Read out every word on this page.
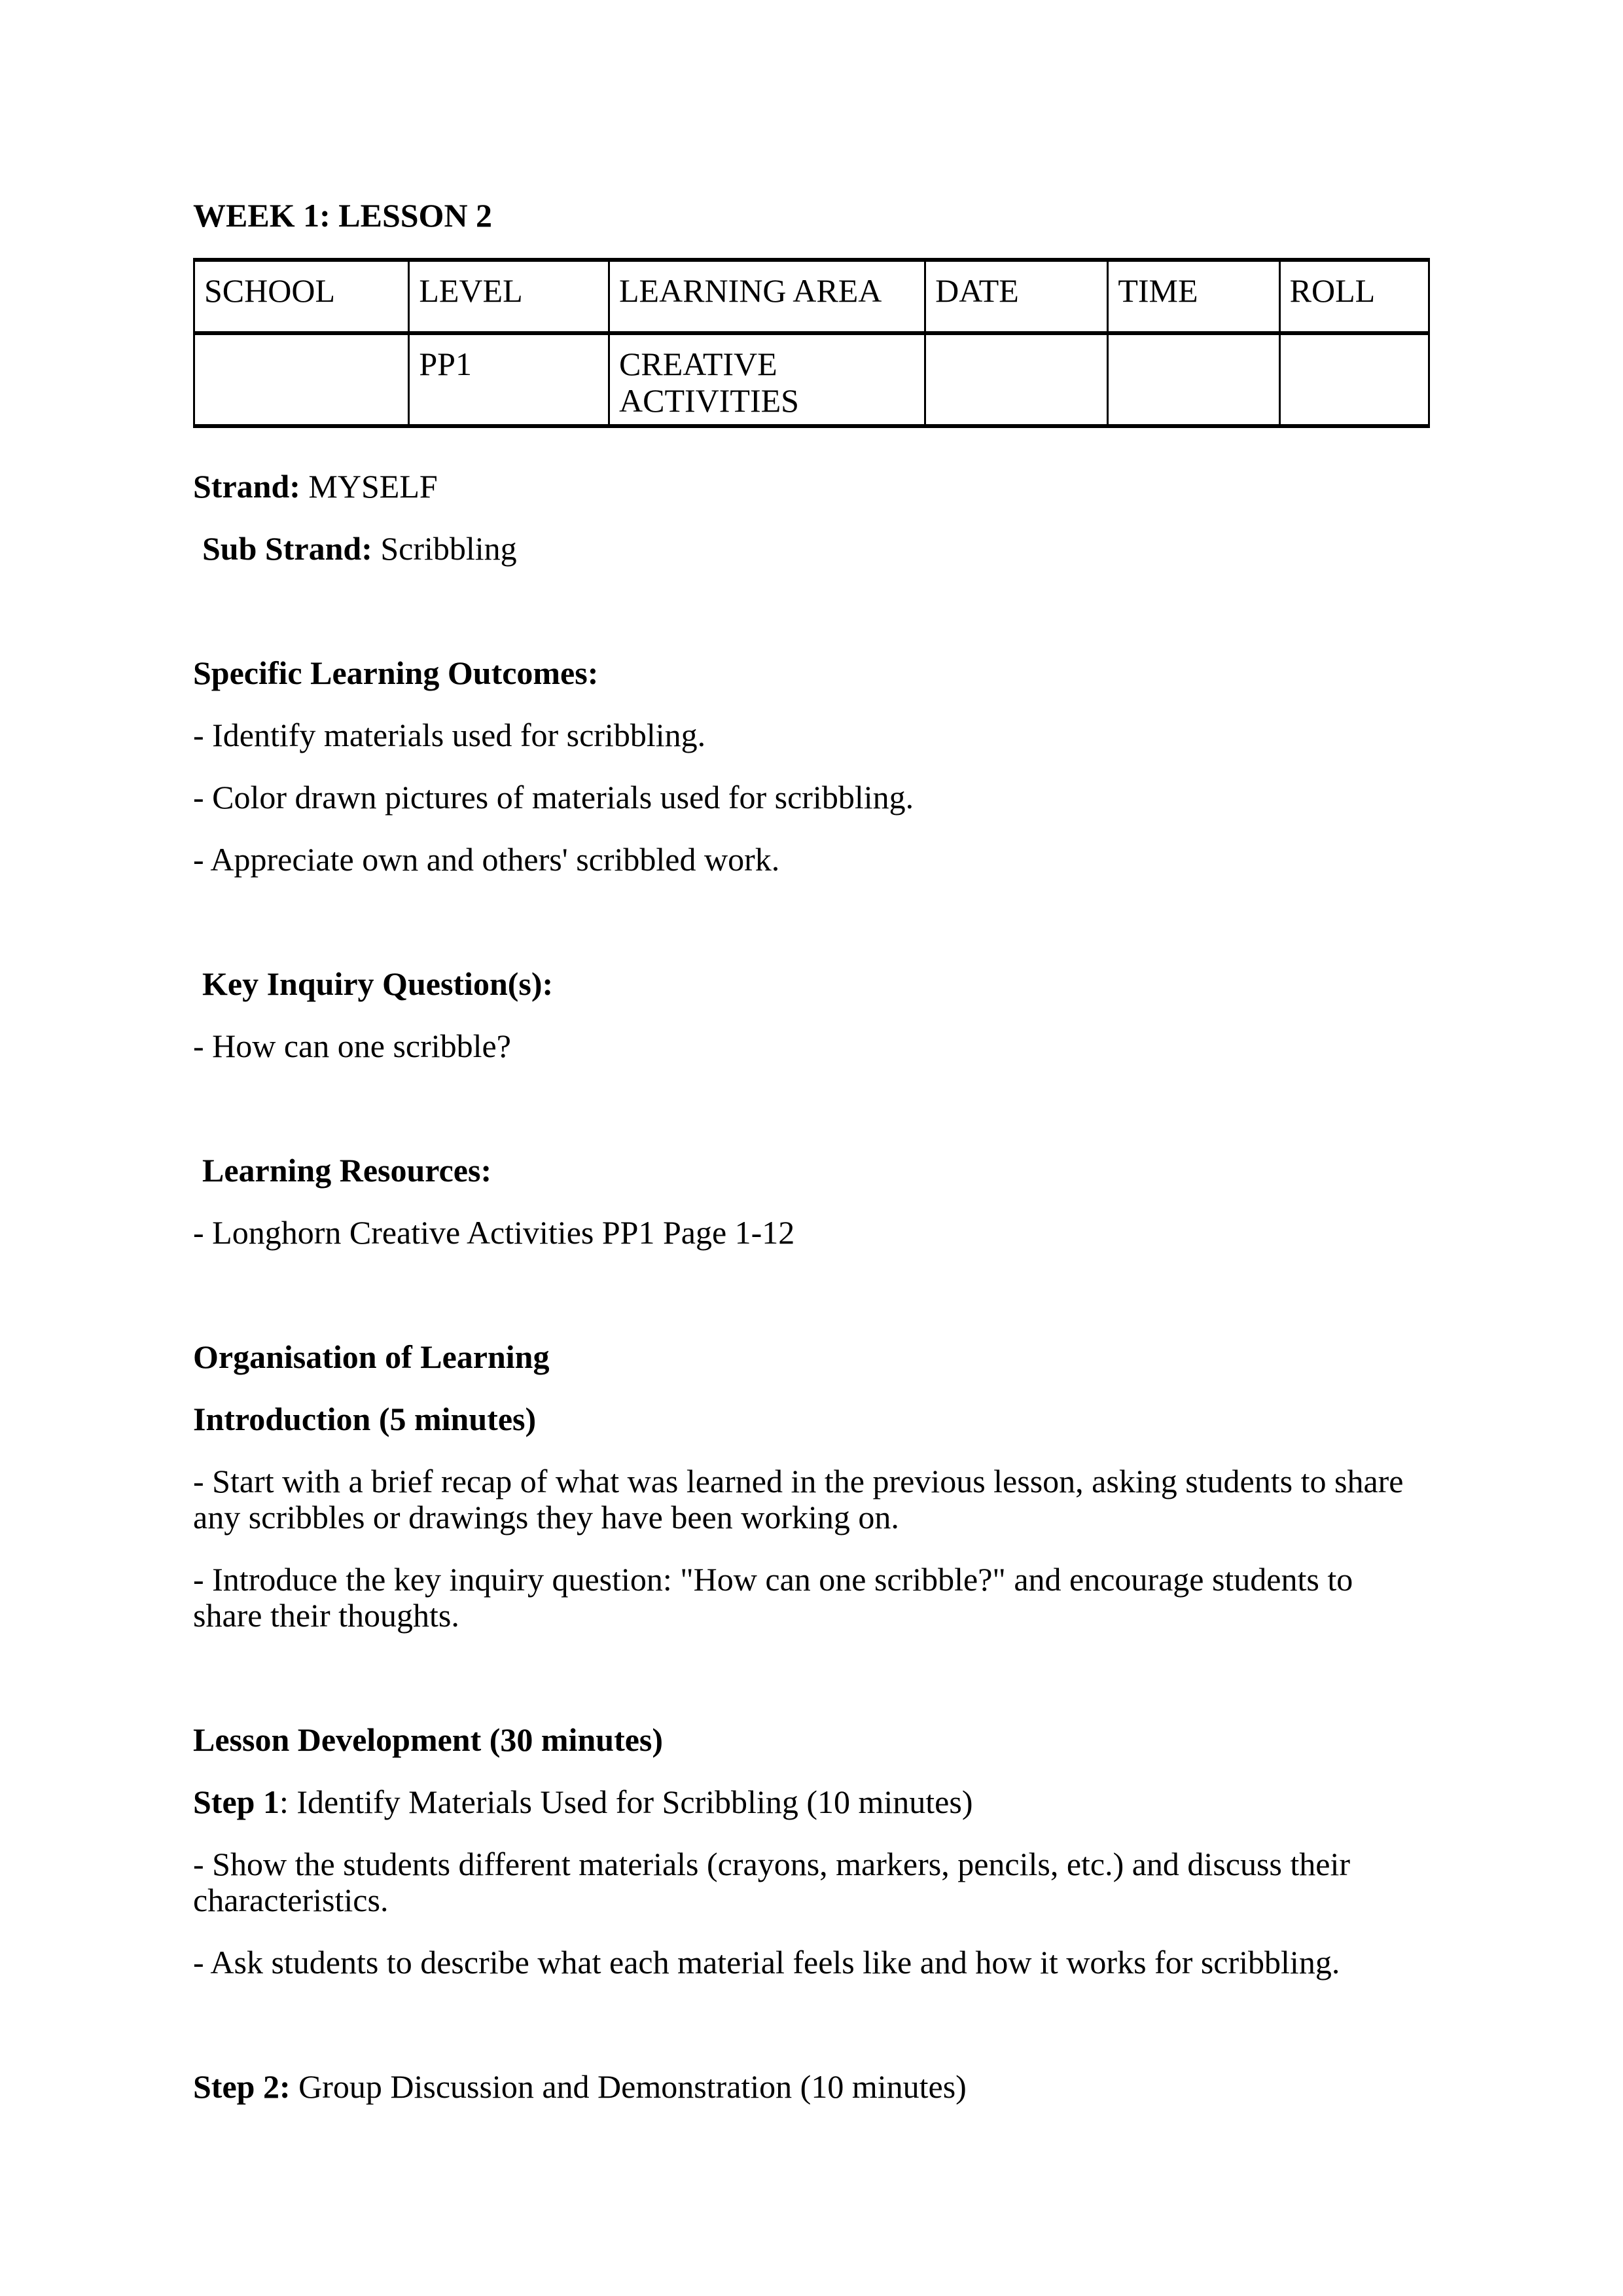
WEEK 1: LESSON 2

SCHOOL	LEVEL	LEARNING AREA	DATE	TIME	ROLL
	PP1	CREATIVE ACTIVITIES			

Strand: MYSELF

Sub Strand: Scribbling

Specific Learning Outcomes:

- Identify materials used for scribbling.

- Color drawn pictures of materials used for scribbling.

- Appreciate own and others' scribbled work.

Key Inquiry Question(s):

- How can one scribble?

Learning Resources:

- Longhorn Creative Activities PP1 Page 1-12

Organisation of Learning

Introduction (5 minutes)

- Start with a brief recap of what was learned in the previous lesson, asking students to share any scribbles or drawings they have been working on.

- Introduce the key inquiry question: "How can one scribble?" and encourage students to share their thoughts.

Lesson Development (30 minutes)

Step 1: Identify Materials Used for Scribbling (10 minutes)

- Show the students different materials (crayons, markers, pencils, etc.) and discuss their characteristics.

- Ask students to describe what each material feels like and how it works for scribbling.

Step 2: Group Discussion and Demonstration (10 minutes)
